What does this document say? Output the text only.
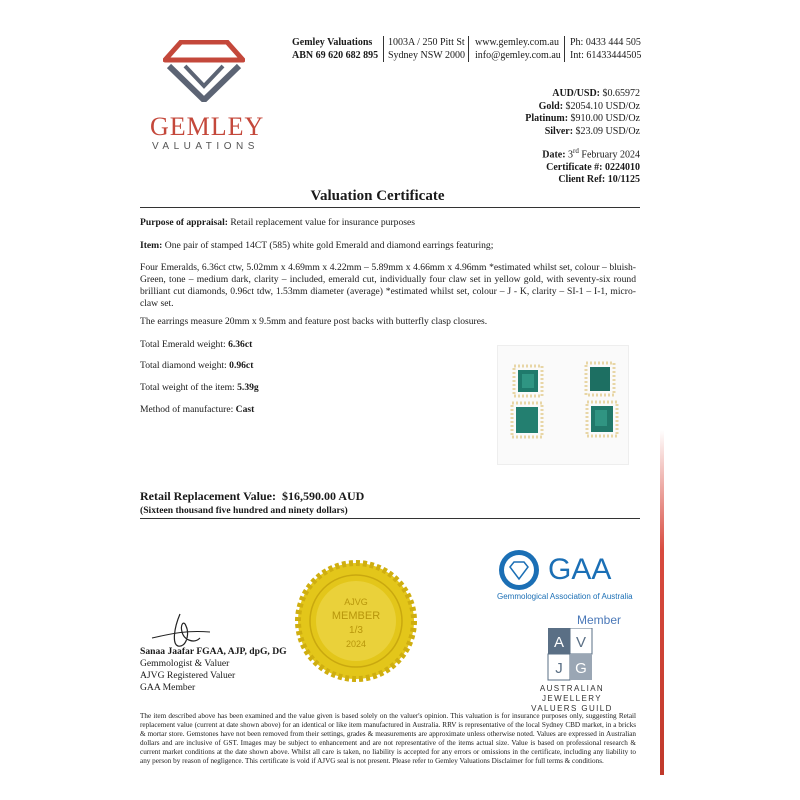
GEMLEY
VALUATIONS
Gemley Valuations
ABN 69 620 682 895
1003A / 250 Pitt St
Sydney NSW 2000
www.gemley.com.au
info@gemley.com.au
Ph: 0433 444 505
Int: 61433444505
AUD/USD: $0.65972
Gold: $2054.10 USD/Oz
Platinum: $910.00 USD/Oz
Silver: $23.09 USD/Oz
Date: 3rd February 2024
Certificate #: 0224010
Client Ref: 10/1125
Valuation Certificate
Purpose of appraisal: Retail replacement value for insurance purposes
Item: One pair of stamped 14CT (585) white gold Emerald and diamond earrings featuring;
Four Emeralds, 6.36ct ctw, 5.02mm x 4.69mm x 4.22mm – 5.89mm x 4.66mm x 4.96mm *estimated whilst set, colour – bluish-Green, tone – medium dark, clarity – included, emerald cut, individually four claw set in yellow gold, with seventy-six round brilliant cut diamonds, 0.96ct tdw, 1.53mm diameter (average) *estimated whilst set, colour – J - K, clarity – SI-1 – I-1, micro-claw set.
The earrings measure 20mm x 9.5mm and feature post backs with butterfly clasp closures.
Total Emerald weight: 6.36ct
Total diamond weight: 0.96ct
Total weight of the item: 5.39g
Method of manufacture: Cast
Retail Replacement Value: $16,590.00 AUD
(Sixteen thousand five hundred and ninety dollars)
AJVG
MEMBER
1/3
2024
Sanaa Jaafar FGAA, AJP, dpG, DG
Gemmologist & Valuer
AJVG Registered Valuer
GAA Member
GAA
Gemmological Association of Australia
Member
A V
J G
AUSTRALIAN JEWELLERY
VALUERS GUILD
The item described above has been examined and the value given is based solely on the valuer's opinion. This valuation is for insurance purposes only, suggesting Retail replacement value (current at date shown above) for an identical or like item manufactured in Australia. RRV is representative of the local Sydney CBD market, in a bricks & mortar store. Gemstones have not been removed from their settings, grades & measurements are approximate unless otherwise noted. Values are expressed in Australian dollars and are inclusive of GST. Images may be subject to enhancement and are not representative of the items actual size. Value is based on professional research & current market conditions at the date shown above. Whilst all care is taken, no liability is accepted for any errors or omissions in the certificate, including any liability to any person by reason of negligence. This certificate is void if AJVG seal is not present. Please refer to Gemley Valuations Disclaimer for full terms & conditions.
